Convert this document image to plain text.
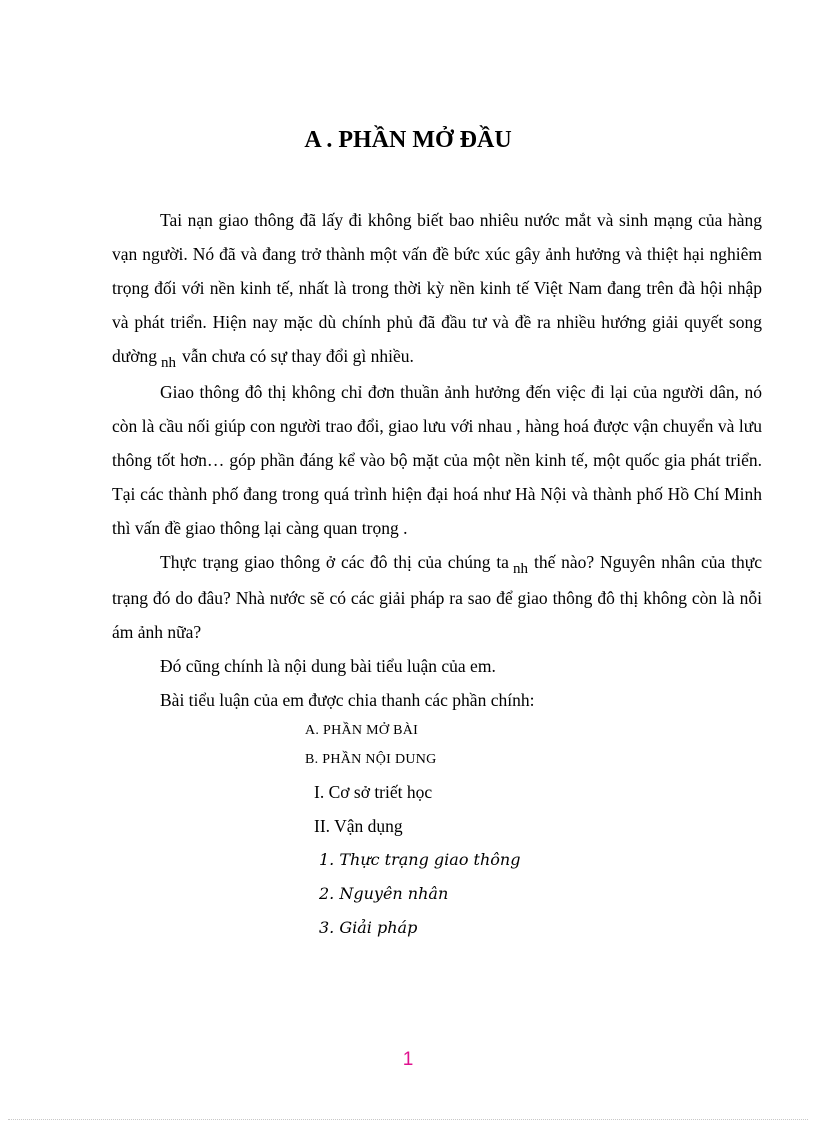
A . PHẦN MỞ ĐẦU

Tai nạn giao thông đã lấy đi không biết bao nhiêu nước mắt và sinh mạng của hàng vạn người. Nó đã và đang trở thành một vấn đề bức xúc gây ảnh hưởng và thiệt hại nghiêm trọng đối với nền kinh tế, nhất là trong thời kỳ nền kinh tế Việt Nam đang trên đà hội nhập và phát triển. Hiện nay mặc dù chính phủ đã đầu tư và đề ra nhiều hướng giải quyết song dường nh vẫn chưa có sự thay đổi gì nhiều.

Giao thông đô thị không chỉ đơn thuần ảnh hưởng đến việc đi lại của người dân, nó còn là cầu nối giúp con người trao đổi, giao lưu với nhau , hàng hoá được vận chuyển và lưu thông tốt hơn… góp phần đáng kể vào bộ mặt của một nền kinh tế, một quốc gia phát triển. Tại các thành phố đang trong quá trình hiện đại hoá như Hà Nội và thành phố Hồ Chí Minh thì vấn đề giao thông lại càng quan trọng .

Thực trạng giao thông ở các đô thị của chúng ta nh thế nào? Nguyên nhân của thực trạng đó do đâu? Nhà nước sẽ có các giải pháp ra sao để giao thông đô thị không còn là nỗi ám ảnh nữa?

Đó cũng chính là nội dung bài tiểu luận của em.

Bài tiểu luận của em được chia thanh các phần chính:

A. PHẦN MỞ BÀI
B. PHẦN NỘI DUNG
I. Cơ sở triết học
II. Vận dụng
1. Thực trạng giao thông
2. Nguyên nhân
3. Giải pháp
1
